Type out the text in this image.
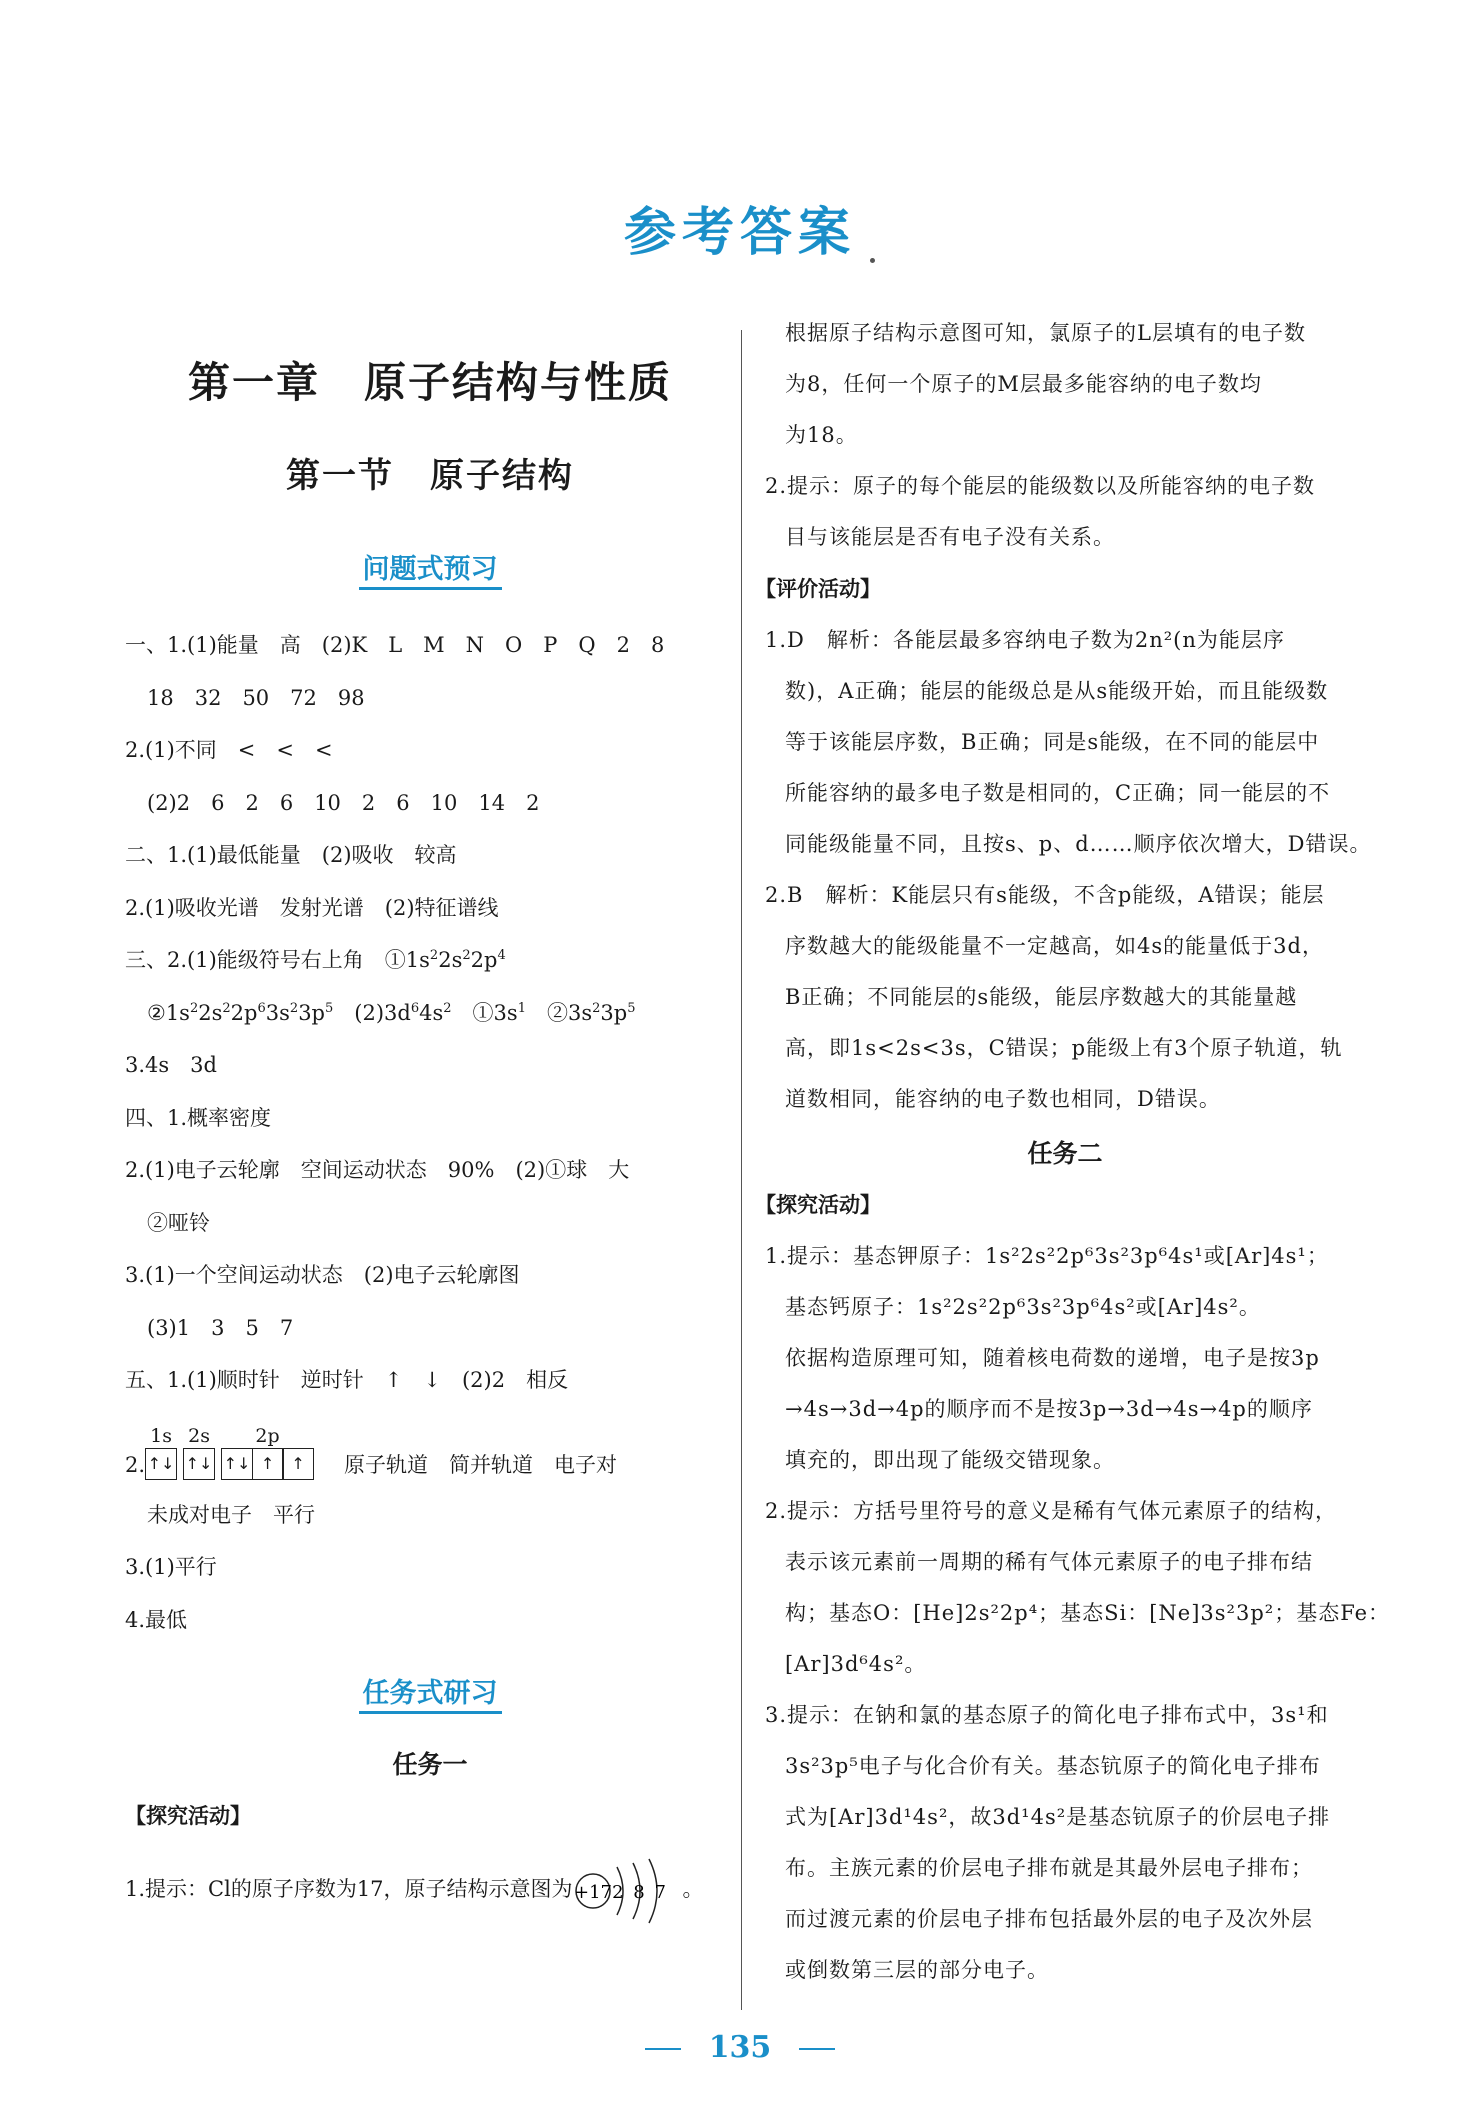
参考答案
第一章　原子结构与性质
第一节　原子结构
问题式预习
一、1.(1)能量　高　(2)K　L　M　N　O　P　Q　2　8
18　32　50　72　98
2.(1)不同　<　<　<
(2)2　6　2　6　10　2　6　10　14　2
二、1.(1)最低能量　(2)吸收　较高
2.(1)吸收光谱　发射光谱　(2)特征谱线
三、2.(1)能级符号右上角　$①1s^22s^22p^4$
$②1s^22s^22p^63s^23p^5$　$(2)3d^64s^2$　$①3s^1$　$②3s^23p^5$
3.4s　3d
四、1.概率密度
2.(1)电子云轮廓　空间运动状态　90%　(2)①球　大
②哑铃
3.(1)一个空间运动状态　(2)电子云轮廓图
(3)1　3　5　7
五、1.(1)顺时针　逆时针　↑　↓　(2)2　相反
2.
1s
↑↓
2s
↑↓
2p
↑↓ ↑	↑	原子轨道　简并轨道　电子对
未成对电子　平行
3.(1)平行
4.最低
任务式研习
任务一
【探究活动】
1.提示：Cl的原子序数为17，原子结构示意图为 +17 2 8 7 。
根据原子结构示意图可知，氯原子的L层填有的电子数
为8，任何一个原子的M层最多能容纳的电子数均
为18。
2.提示：原子的每个能层的能级数以及所能容纳的电子数
目与该能层是否有电子没有关系。
【评价活动】
1.D　解析：各能层最多容纳电子数为2n²(n为能层序
数)，A正确；能层的能级总是从s能级开始，而且能级数
等于该能层序数，B正确；同是s能级，在不同的能层中
所能容纳的最多电子数是相同的，C正确；同一能层的不
同能级能量不同，且按s、p、d……顺序依次增大，D错误。
2.B　解析：K能层只有s能级，不含p能级，A错误；能层
序数越大的能级能量不一定越高，如4s的能量低于3d，
B正确；不同能层的s能级，能层序数越大的其能量越
高，即1s<2s<3s，C错误；p能级上有3个原子轨道，轨
道数相同，能容纳的电子数也相同，D错误。
任务二
【探究活动】
1.提示：基态钾原子：1s²2s²2p⁶3s²3p⁶4s¹或[Ar]4s¹；
基态钙原子：1s²2s²2p⁶3s²3p⁶4s²或[Ar]4s²。
依据构造原理可知，随着核电荷数的递增，电子是按3p
→4s→3d→4p的顺序而不是按3p→3d→4s→4p的顺序
填充的，即出现了能级交错现象。
2.提示：方括号里符号的意义是稀有气体元素原子的结构，
表示该元素前一周期的稀有气体元素原子的电子排布结
构；基态O：[He]2s²2p⁴；基态Si：[Ne]3s²3p²；基态Fe：
[Ar]3d⁶4s²。
3.提示：在钠和氯的基态原子的简化电子排布式中，3s¹和
3s²3p⁵电子与化合价有关。基态钪原子的简化电子排布
式为[Ar]3d¹4s²，故3d¹4s²是基态钪原子的价层电子排
布。主族元素的价层电子排布就是其最外层电子排布；
而过渡元素的价层电子排布包括最外层的电子及次外层
或倒数第三层的部分电子。
135
